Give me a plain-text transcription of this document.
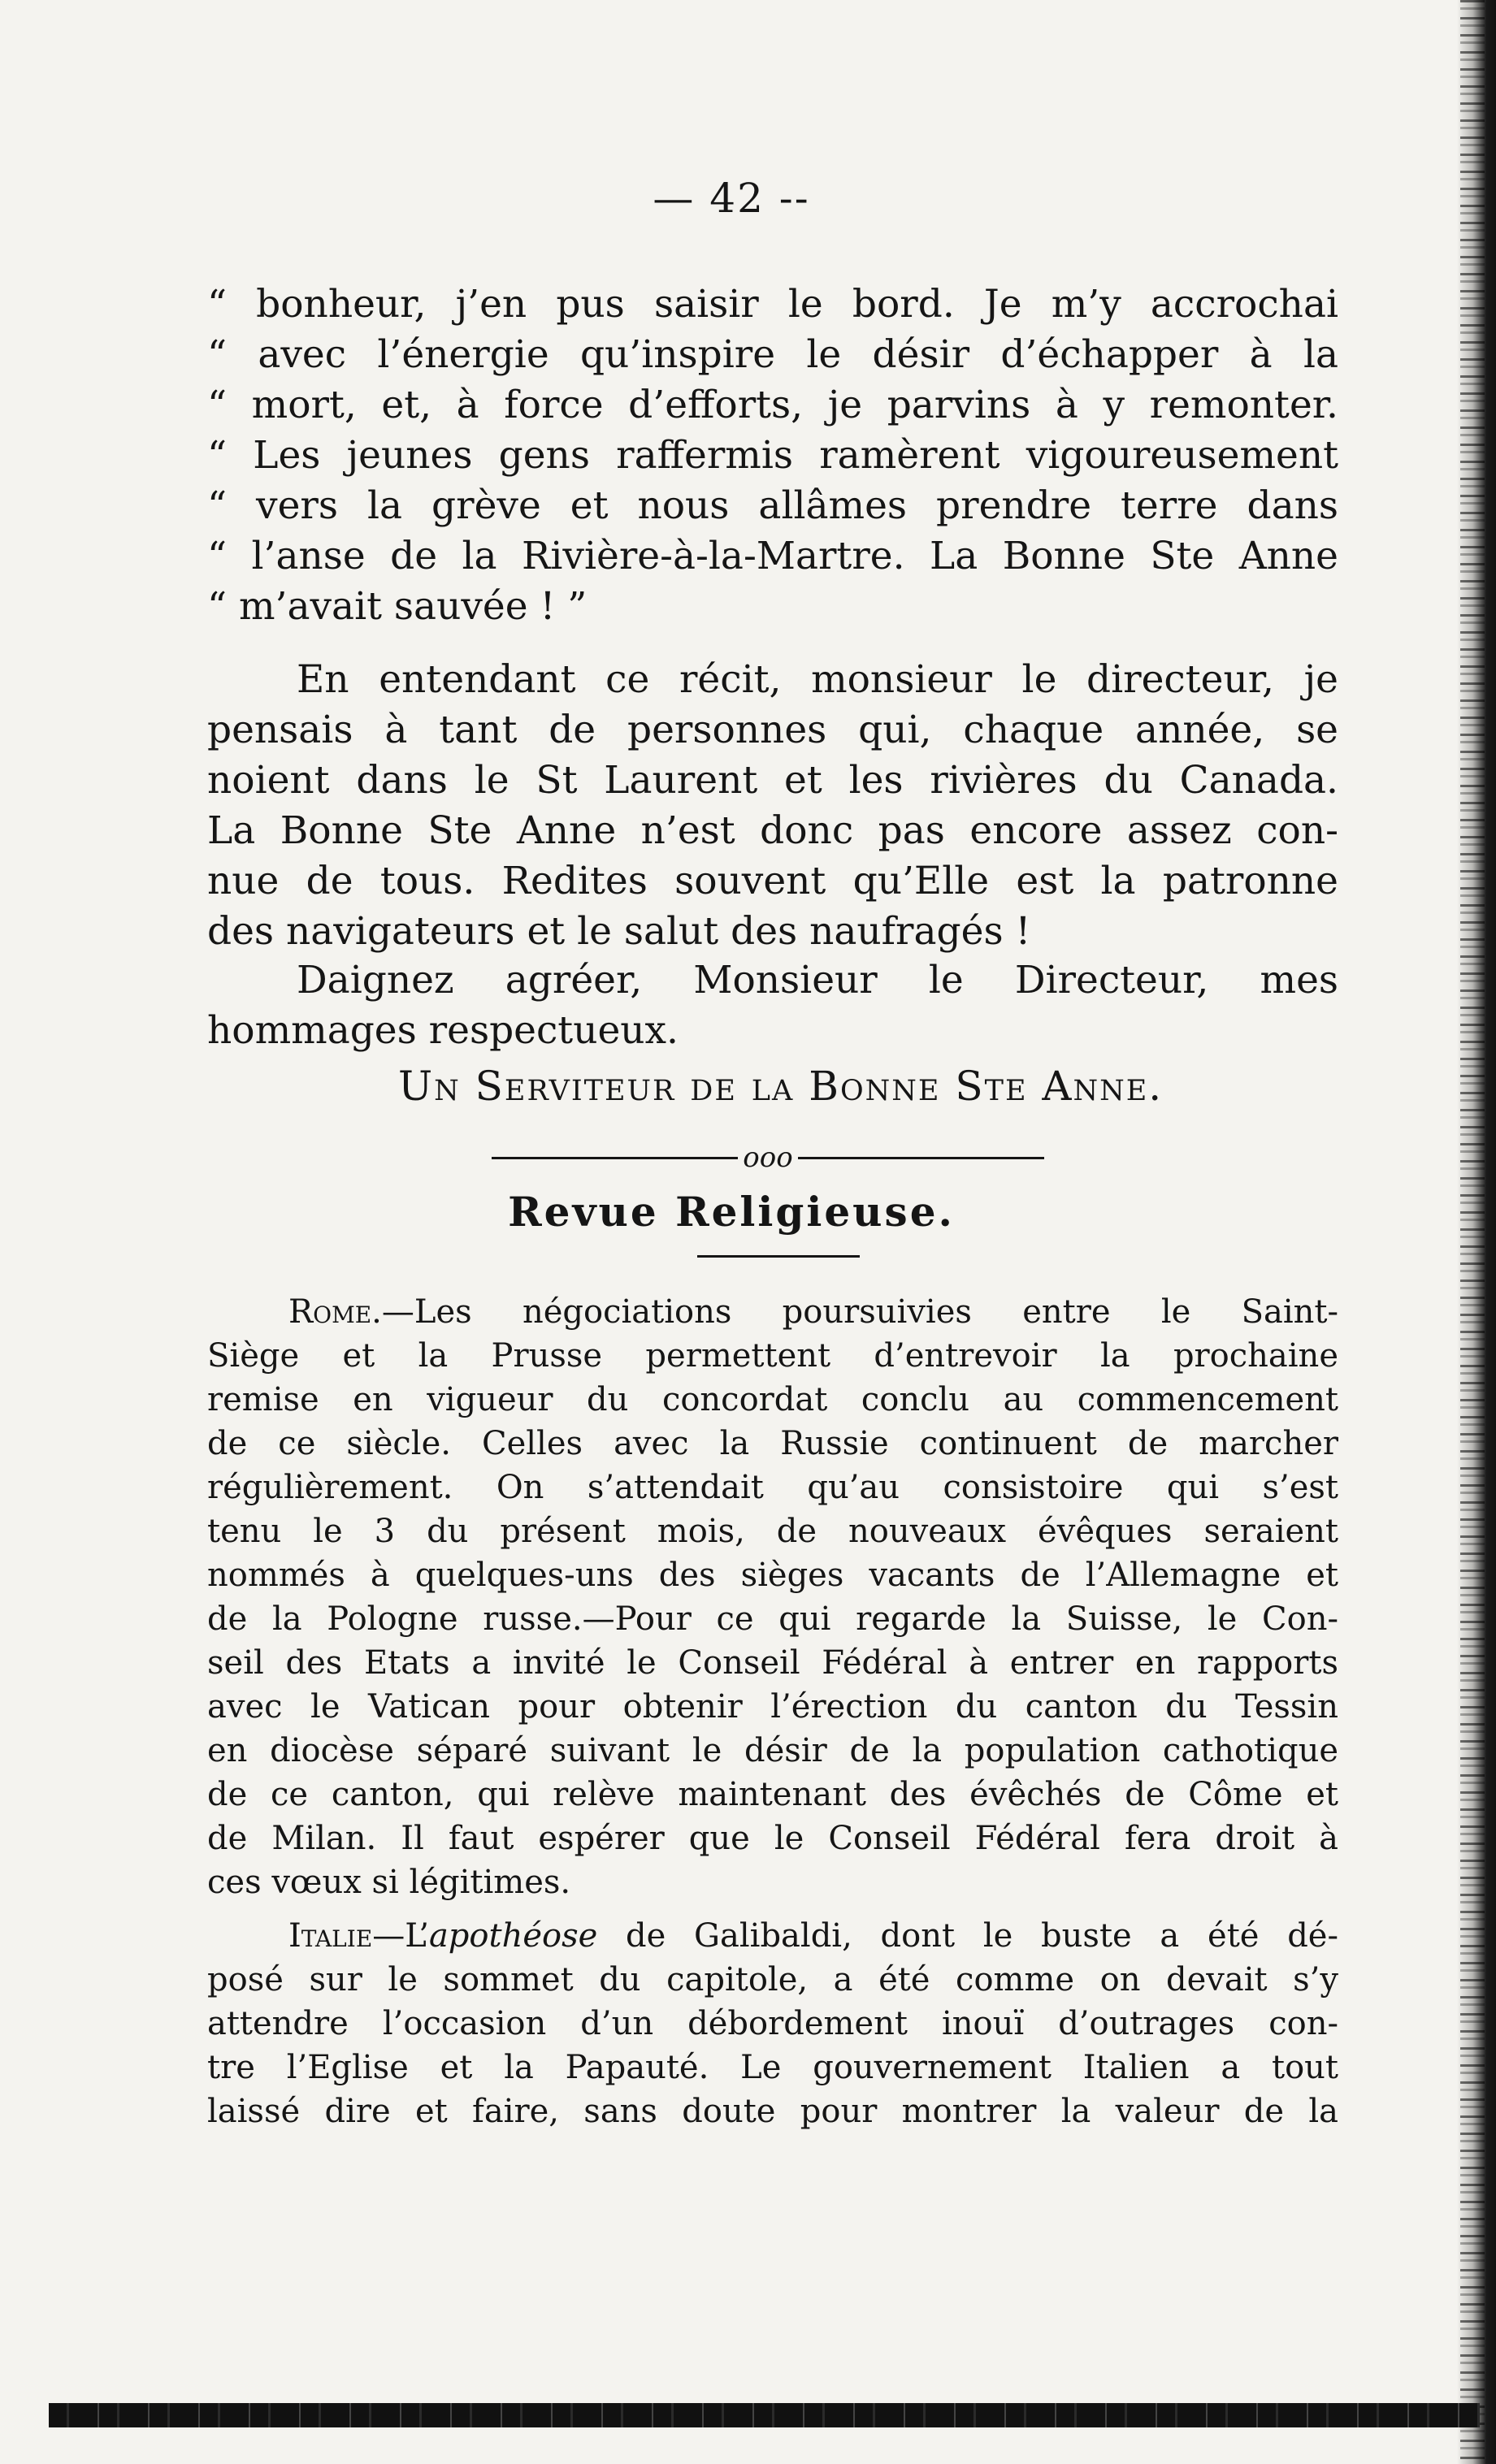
— 42 --
“ bonheur, j’en pus saisir le bord. Je m’y accrochai
“ avec l’énergie qu’inspire le désir d’échapper à la
“ mort, et, à force d’efforts, je parvins à y remonter.
“ Les jeunes gens raffermis ramèrent vigoureusement
“ vers la grève et nous allâmes prendre terre dans
“ l’anse de la Rivière-à-la-Martre. La Bonne Ste Anne
“ m’avait sauvée ! ”
En entendant ce récit, monsieur le directeur, je
pensais à tant de personnes qui, chaque année, se
noient dans le St Laurent et les rivières du Canada.
La Bonne Ste Anne n’est donc pas encore assez con-
nue de tous. Redites souvent qu’Elle est la patronne
des navigateurs et le salut des naufragés !
Daignez agréer, Monsieur le Directeur, mes
hommages respectueux.
Un Serviteur de la Bonne Ste Anne.
ooo
Revue Religieuse.
Rome.—Les négociations poursuivies entre le Saint-
Siège et la Prusse permettent d’entrevoir la prochaine
remise en vigueur du concordat conclu au commencement
de ce siècle. Celles avec la Russie continuent de marcher
régulièrement. On s’attendait qu’au consistoire qui s’est
tenu le 3 du présent mois, de nouveaux évêques seraient
nommés à quelques-uns des sièges vacants de l’Allemagne et
de la Pologne russe.—Pour ce qui regarde la Suisse, le Con-
seil des Etats a invité le Conseil Fédéral à entrer en rapports
avec le Vatican pour obtenir l’érection du canton du Tessin
en diocèse séparé suivant le désir de la population cathotique
de ce canton, qui relève maintenant des évêchés de Côme et
de Milan. Il faut espérer que le Conseil Fédéral fera droit à
ces vœux si légitimes.
Italie—L’apothéose de Galibaldi, dont le buste a été dé-
posé sur le sommet du capitole, a été comme on devait s’y
attendre l’occasion d’un débordement inouï d’outrages con-
tre l’Eglise et la Papauté. Le gouvernement Italien a tout
laissé dire et faire, sans doute pour montrer la valeur de la
